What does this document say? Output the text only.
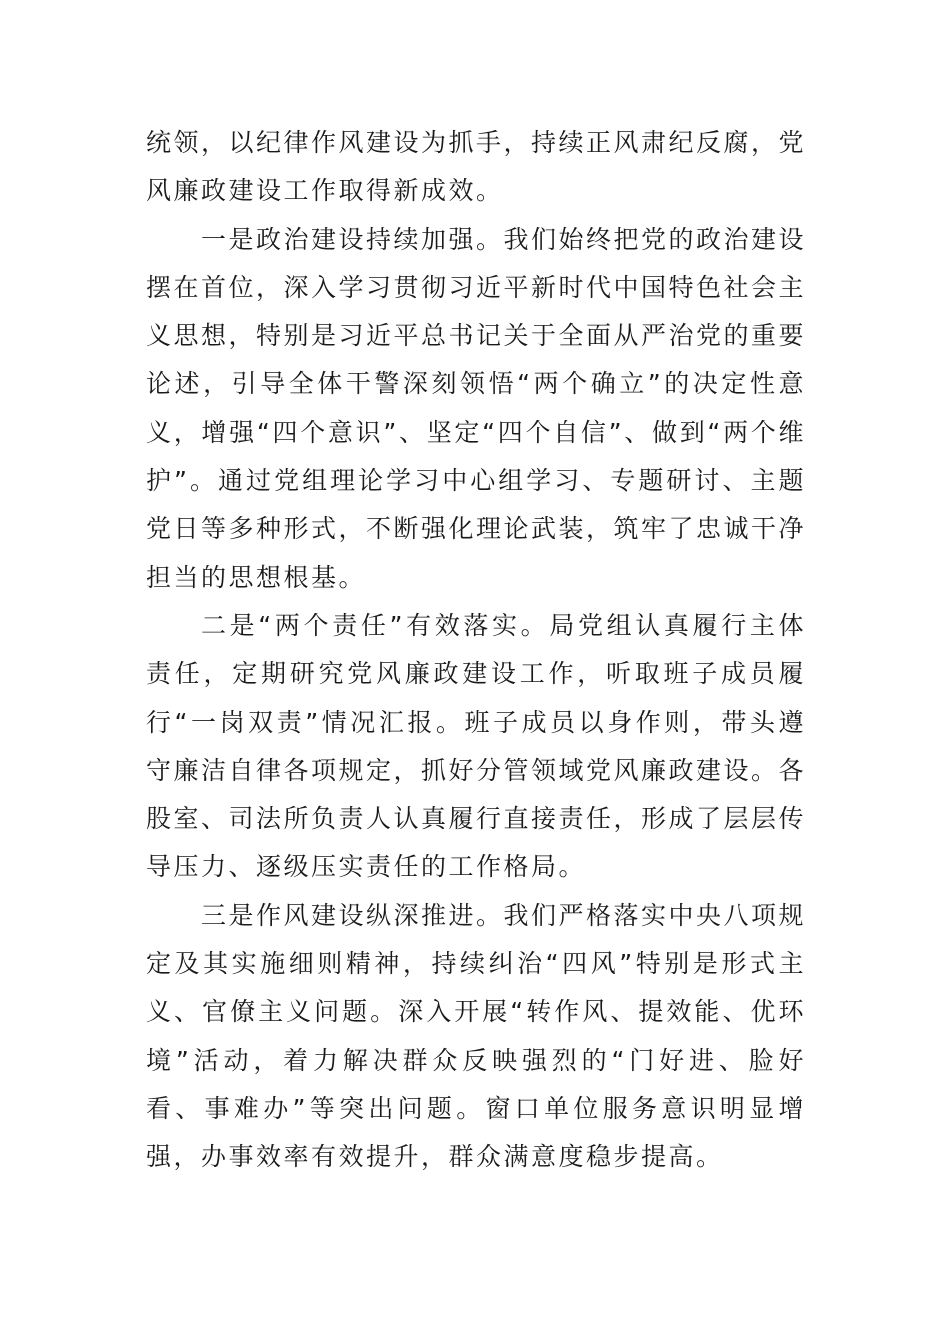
统领，以纪律作风建设为抓手，持续正风肃纪反腐，党风廉政建设工作取得新成效。

一是政治建设持续加强。我们始终把党的政治建设摆在首位，深入学习贯彻习近平新时代中国特色社会主义思想，特别是习近平总书记关于全面从严治党的重要论述，引导全体干警深刻领悟“两个确立”的决定性意义，增强“四个意识”、坚定“四个自信”、做到“两个维护”。通过党组理论学习中心组学习、专题研讨、主题党日等多种形式，不断强化理论武装，筑牢了忠诚干净担当的思想根基。

二是“两个责任”有效落实。局党组认真履行主体责任，定期研究党风廉政建设工作，听取班子成员履行“一岗双责”情况汇报。班子成员以身作则，带头遵守廉洁自律各项规定，抓好分管领域党风廉政建设。各股室、司法所负责人认真履行直接责任，形成了层层传导压力、逐级压实责任的工作格局。

三是作风建设纵深推进。我们严格落实中央八项规定及其实施细则精神，持续纠治“四风”特别是形式主义、官僚主义问题。深入开展“转作风、提效能、优环境”活动，着力解决群众反映强烈的“门好进、脸好看、事难办”等突出问题。窗口单位服务意识明显增强，办事效率有效提升，群众满意度稳步提高。
